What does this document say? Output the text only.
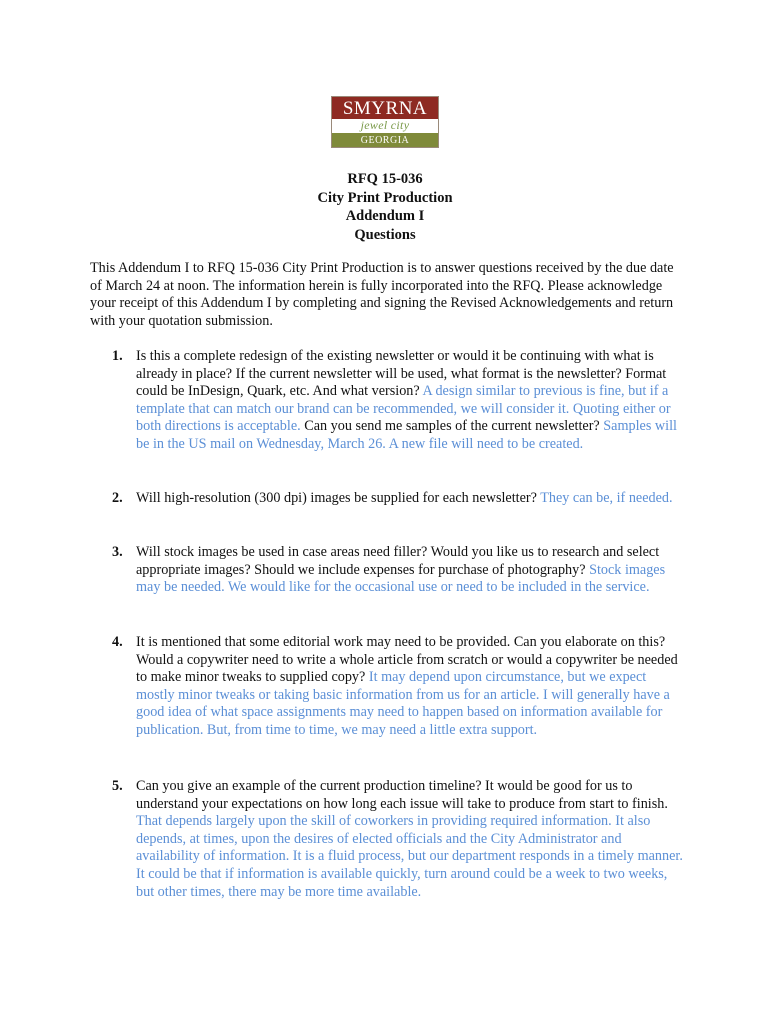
SMYRNA
jewel city
GEORGIA
RFQ 15-036
City Print Production
Addendum I
Questions
This Addendum I to RFQ 15-036 City Print Production is to answer questions received by the due date of March 24 at noon. The information herein is fully incorporated into the RFQ. Please acknowledge your receipt of this Addendum I by completing and signing the Revised Acknowledgements and return with your quotation submission.
1. Is this a complete redesign of the existing newsletter or would it be continuing with what is already in place? If the current newsletter will be used, what format is the newsletter? Format could be InDesign, Quark, etc. And what version? A design similar to previous is fine, but if a template that can match our brand can be recommended, we will consider it. Quoting either or both directions is acceptable. Can you send me samples of the current newsletter? Samples will be in the US mail on Wednesday, March 26. A new file will need to be created.
2. Will high-resolution (300 dpi) images be supplied for each newsletter? They can be, if needed.
3. Will stock images be used in case areas need filler? Would you like us to research and select appropriate images? Should we include expenses for purchase of photography? Stock images may be needed. We would like for the occasional use or need to be included in the service.
4. It is mentioned that some editorial work may need to be provided. Can you elaborate on this? Would a copywriter need to write a whole article from scratch or would a copywriter be needed to make minor tweaks to supplied copy? It may depend upon circumstance, but we expect mostly minor tweaks or taking basic information from us for an article. I will generally have a good idea of what space assignments may need to happen based on information available for publication. But, from time to time, we may need a little extra support.
5. Can you give an example of the current production timeline? It would be good for us to understand your expectations on how long each issue will take to produce from start to finish. That depends largely upon the skill of coworkers in providing required information. It also depends, at times, upon the desires of elected officials and the City Administrator and availability of information. It is a fluid process, but our department responds in a timely manner. It could be that if information is available quickly, turn around could be a week to two weeks, but other times, there may be more time available.
